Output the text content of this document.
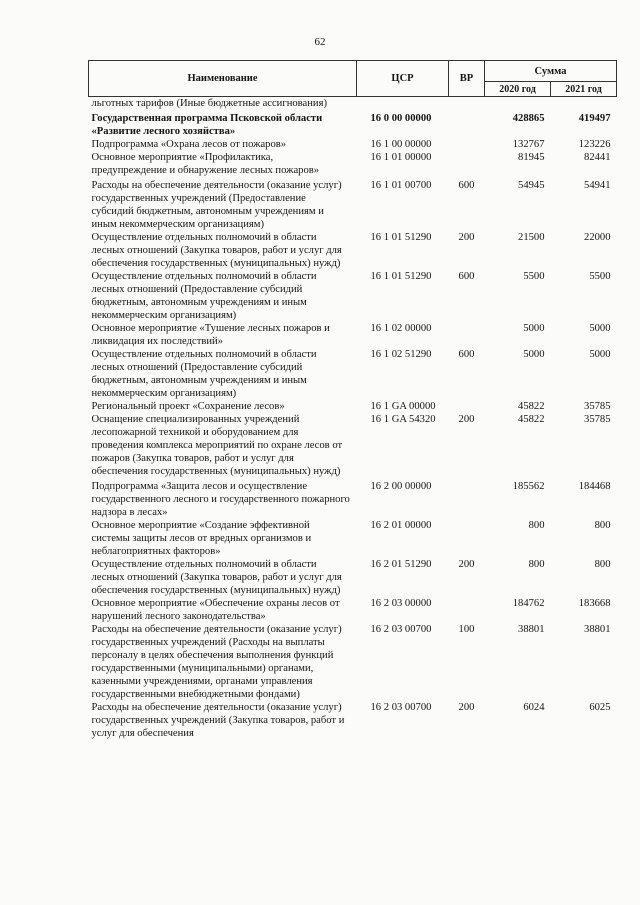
62
Наименование	ЦСР	ВР	Сумма	
			2020 год	2021 год
льготных тарифов (Иные бюджетные ассигнования)				
Государственная программа Псковской области «Развитие лесного хозяйства»	16 0 00 00000		428865	419497
Подпрограмма «Охрана лесов от пожаров»	16 1 00 00000		132767	123226
Основное мероприятие «Профилактика, предупреждение и обнаружение лесных пожаров»	16 1 01 00000		81945	82441
Расходы на обеспечение деятельности (оказание услуг) государственных учреждений (Предоставление субсидий бюджетным, автономным учреждениям и иным некоммерческим организациям)	16 1 01 00700	600	54945	54941
Осуществление отдельных полномочий в области лесных отношений (Закупка товаров, работ и услуг для обеспечения государственных (муниципальных) нужд)	16 1 01 51290	200	21500	22000
Осуществление отдельных полномочий в области лесных отношений (Предоставление субсидий бюджетным, автономным учреждениям и иным некоммерческим организациям)	16 1 01 51290	600	5500	5500
Основное мероприятие «Тушение лесных пожаров и ликвидация их последствий»	16 1 02 00000		5000	5000
Осуществление отдельных полномочий в области лесных отношений (Предоставление субсидий бюджетным, автономным учреждениям и иным некоммерческим организациям)	16 1 02 51290	600	5000	5000
Региональный проект «Сохранение лесов»	16 1 GA 00000		45822	35785
Оснащение специализированных учреждений лесопожарной техникой и оборудованием для проведения комплекса мероприятий по охране лесов от пожаров (Закупка товаров, работ и услуг для обеспечения государственных (муниципальных) нужд)	16 1 GA 54320	200	45822	35785
Подпрограмма «Защита лесов и осуществление государственного лесного и государственного пожарного надзора в лесах»	16 2 00 00000		185562	184468
Основное мероприятие «Создание эффективной системы защиты лесов от вредных организмов и неблагоприятных факторов»	16 2 01 00000		800	800
Осуществление отдельных полномочий в области лесных отношений (Закупка товаров, работ и услуг для обеспечения государственных (муниципальных) нужд)	16 2 01 51290	200	800	800
Основное мероприятие «Обеспечение охраны лесов от нарушений лесного законодательства»	16 2 03 00000		184762	183668
Расходы на обеспечение деятельности (оказание услуг) государственных учреждений (Расходы на выплаты персоналу в целях обеспечения выполнения функций государственными (муниципальными) органами, казенными учреждениями, органами управления государственными внебюджетными фондами)	16 2 03 00700	100	38801	38801
Расходы на обеспечение деятельности (оказание услуг) государственных учреждений (Закупка товаров, работ и услуг для обеспечения	16 2 03 00700	200	6024	6025
